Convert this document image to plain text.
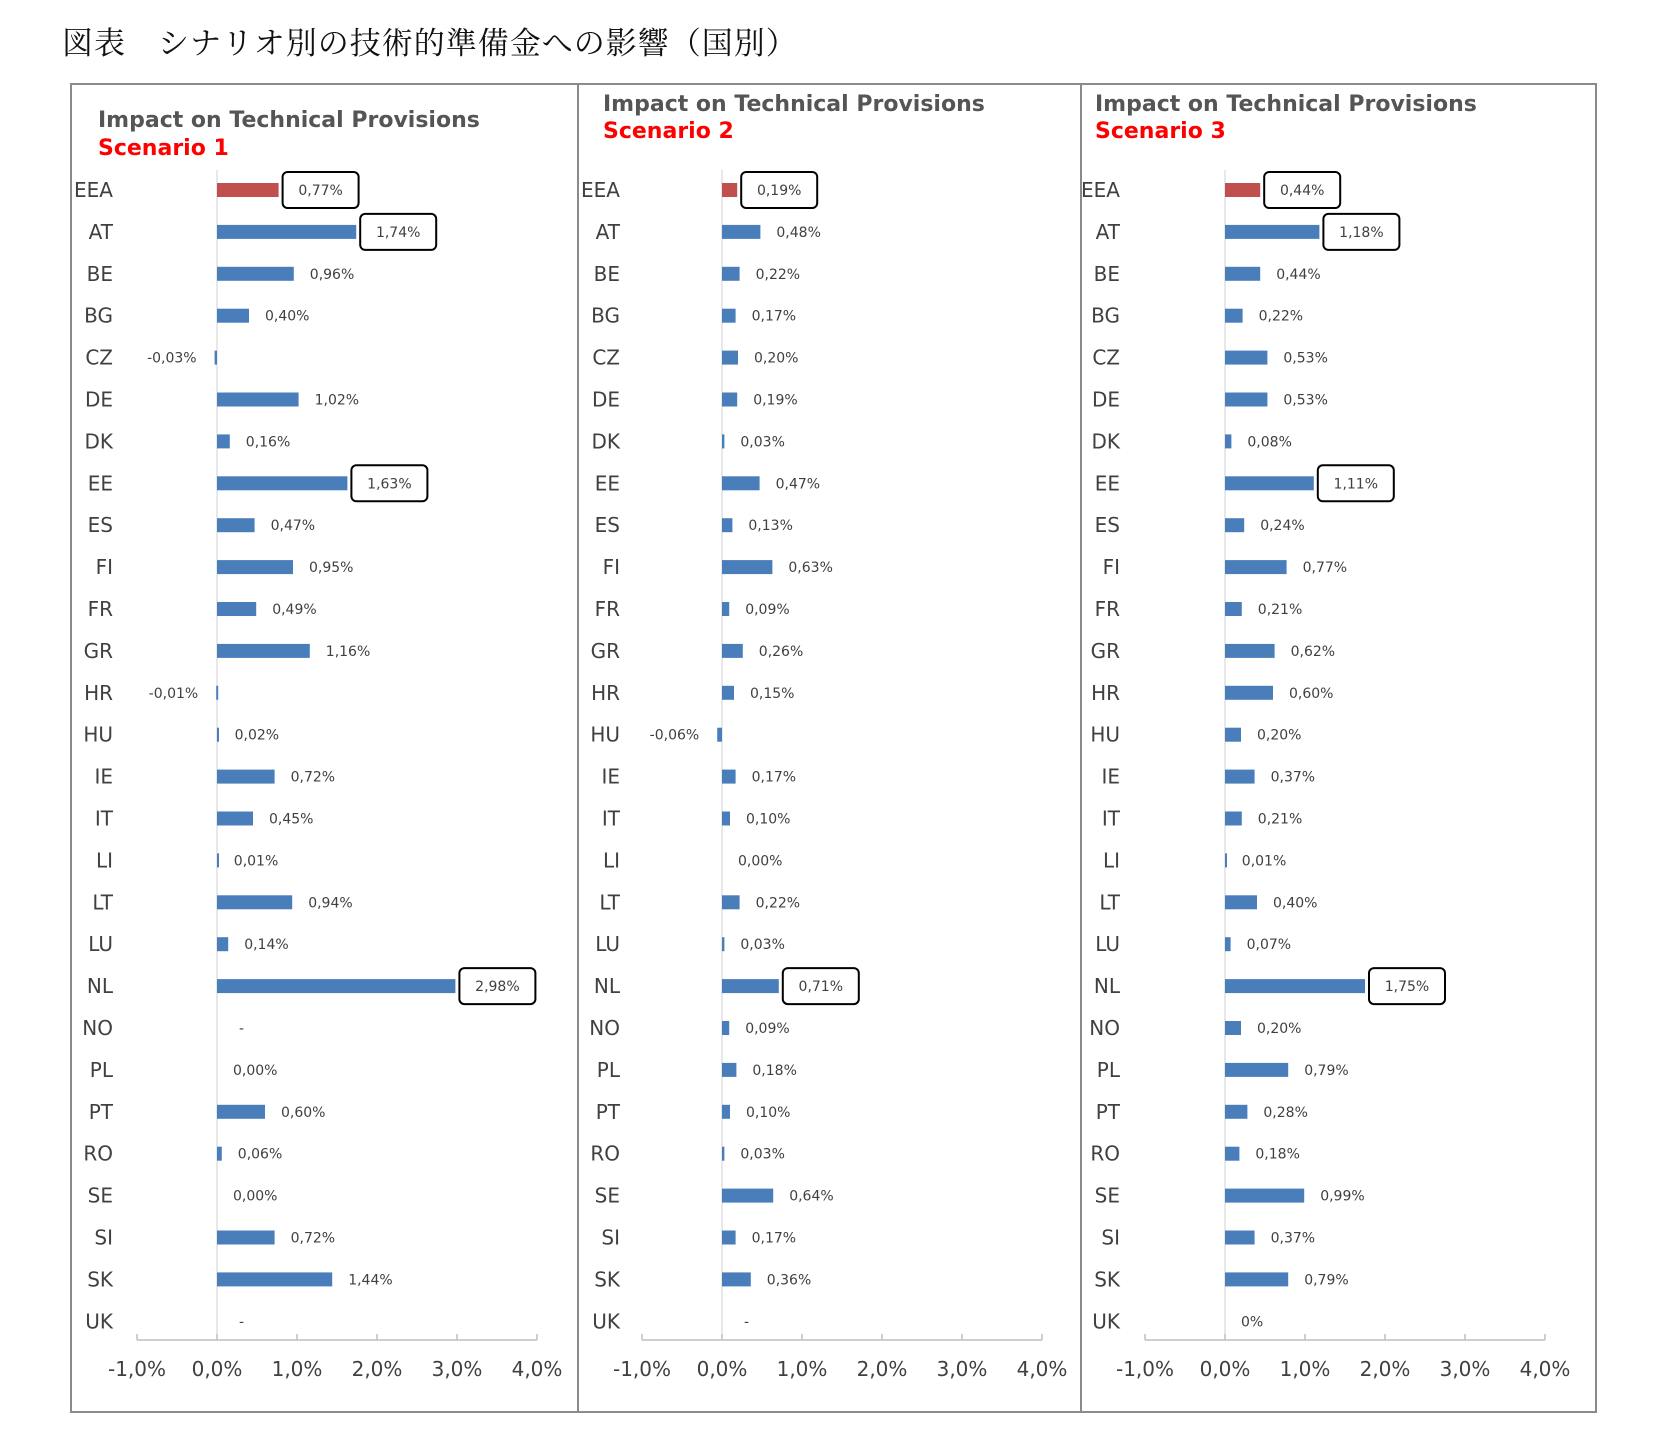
図表　シナリオ別の技術的準備金への影響（国別）
Impact on Technical Provisions
Scenario 1
EEA	0,77%
AT	1,74%
BE	0,96%
BG	0,40%
CZ -0,03%
DE	1,02%
DK	0,16%
EE	1,63%
ES	0,47%
FI	0,95%
FR	0,49%
GR	1,16%
HR	-0,01%
HU	0,02%
IE	0,72%
IT	0,45%
LI	0,01%
LT	0,94%
LU	0,14%
NL	2,98%
NO	-
PL	0,00%
PT	0,60%
RO	0,06%
SE	0,00%
SI	0,72%
SK	1,44%
UK	-
-1,0% 0,0% 1,0% 2,0% 3,0% 4,0%
Impact on Technical Provisions
Scenario 2
EEA	0,19%
AT	0,48%
BE	0,22%
BG	0,17%
CZ	0,20%
DE	0,19%
DK	0,03%
EE	0,47%
ES	0,13%
FI	0,63%
FR	0,09%
GR	0,26%
HR	0,15%
HU -0,06%
IE	0,17%
IT	0,10%
LI	0,00%
LT	0,22%
LU	0,03%
NL	0,71%
NO	0,09%
PL	0,18%
PT	0,10%
RO	0,03%
SE	0,64%
SI	0,17%
SK	0,36%
UK	-
-1,0% 0,0% 1,0% 2,0% 3,0% 4,0%
Impact on Technical Provisions
Scenario 3
EEA	0,44%
AT	1,18%
BE	0,44%
BG	0,22%
CZ	0,53%
DE	0,53%
DK	0,08%
EE	1,11%
ES	0,24%
FI	0,77%
FR	0,21%
GR	0,62%
HR	0,60%
HU	0,20%
IE	0,37%
IT	0,21%
LI	0,01%
LT	0,40%
LU	0,07%
NL	1,75%
NO	0,20%
PL	0,79%
PT	0,28%
RO	0,18%
SE	0,99%
SI	0,37%
SK	0,79%
UK	0%
-1,0% 0,0% 1,0% 2,0% 3,0% 4,0%
